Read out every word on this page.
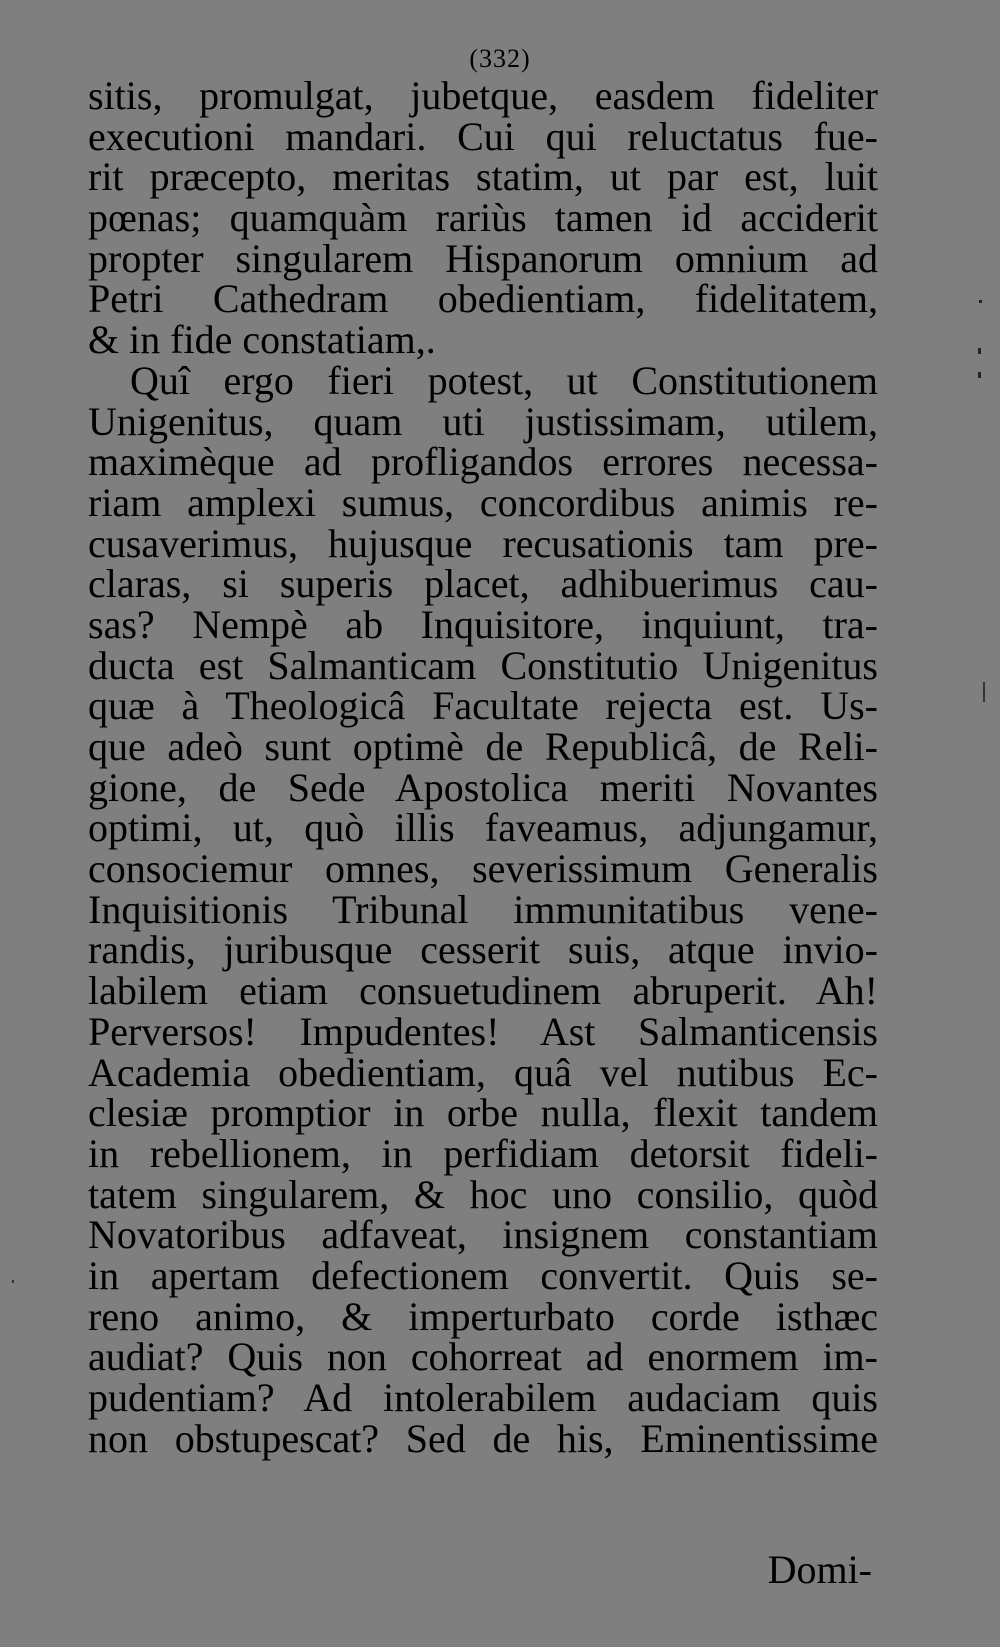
(332)
sitis, promulgat, jubetque, easdem fideliter
executioni mandari. Cui qui reluctatus fue-
rit præcepto, meritas statim, ut par est, luit
pœnas; quamquàm rariùs tamen id acciderit
propter singularem Hispanorum omnium ad
Petri Cathedram obedientiam, fidelitatem,
& in fide constatiam,.
Quî ergo fieri potest, ut Constitutionem
Unigenitus, quam uti justissimam, utilem,
maximèque ad profligandos errores necessa-
riam amplexi sumus, concordibus animis re-
cusaverimus, hujusque recusationis tam pre-
claras, si superis placet, adhibuerimus cau-
sas? Nempè ab Inquisitore, inquiunt, tra-
ducta est Salmanticam Constitutio Unigenitus
quæ à Theologicâ Facultate rejecta est. Us-
que adeò sunt optimè de Republicâ, de Reli-
gione, de Sede Apostolica meriti Novantes
optimi, ut, quò illis faveamus, adjungamur,
consociemur omnes, severissimum Generalis
Inquisitionis Tribunal immunitatibus vene-
randis, juribusque cesserit suis, atque invio-
labilem etiam consuetudinem abruperit. Ah!
Perversos! Impudentes! Ast Salmanticensis
Academia obedientiam, quâ vel nutibus Ec-
clesiæ promptior in orbe nulla, flexit tandem
in rebellionem, in perfidiam detorsit fideli-
tatem singularem, & hoc uno consilio, quòd
Novatoribus adfaveat, insignem constantiam
in apertam defectionem convertit. Quis se-
reno animo, & imperturbato corde isthæc
audiat? Quis non cohorreat ad enormem im-
pudentiam? Ad intolerabilem audaciam quis
non obstupescat? Sed de his, Eminentissime
Domi-
